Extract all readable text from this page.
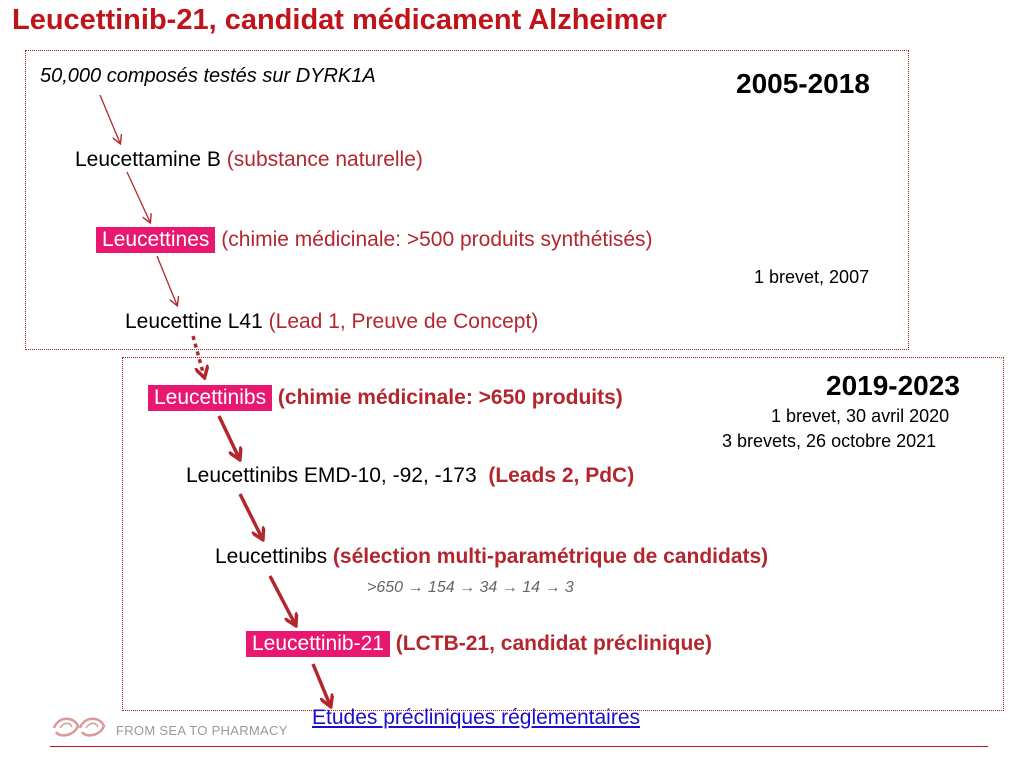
Leucettinib-21, candidat médicament Alzheimer
50,000 composés testés sur DYRK1A	2005-2018
Leucettamine B (substance naturelle)
Leucettines (chimie médicinale: >500 produits synthétisés)
1 brevet, 2007
Leucettine L41 (Lead 1, Preuve de Concept)
2019-2023
1 brevet, 30 avril 2020
3 brevets, 26 octobre 2021
Leucettinibs (chimie médicinale: >650 produits)
Leucettinibs EMD-10, -92, -173 (Leads 2, PdC)
Leucettinibs (sélection multi-paramétrique de candidats)
>650 → 154 → 34 → 14 → 3
Leucettinib-21 (LCTB-21, candidat préclinique)
Etudes précliniques réglementaires
FROM SEA TO PHARMACY
